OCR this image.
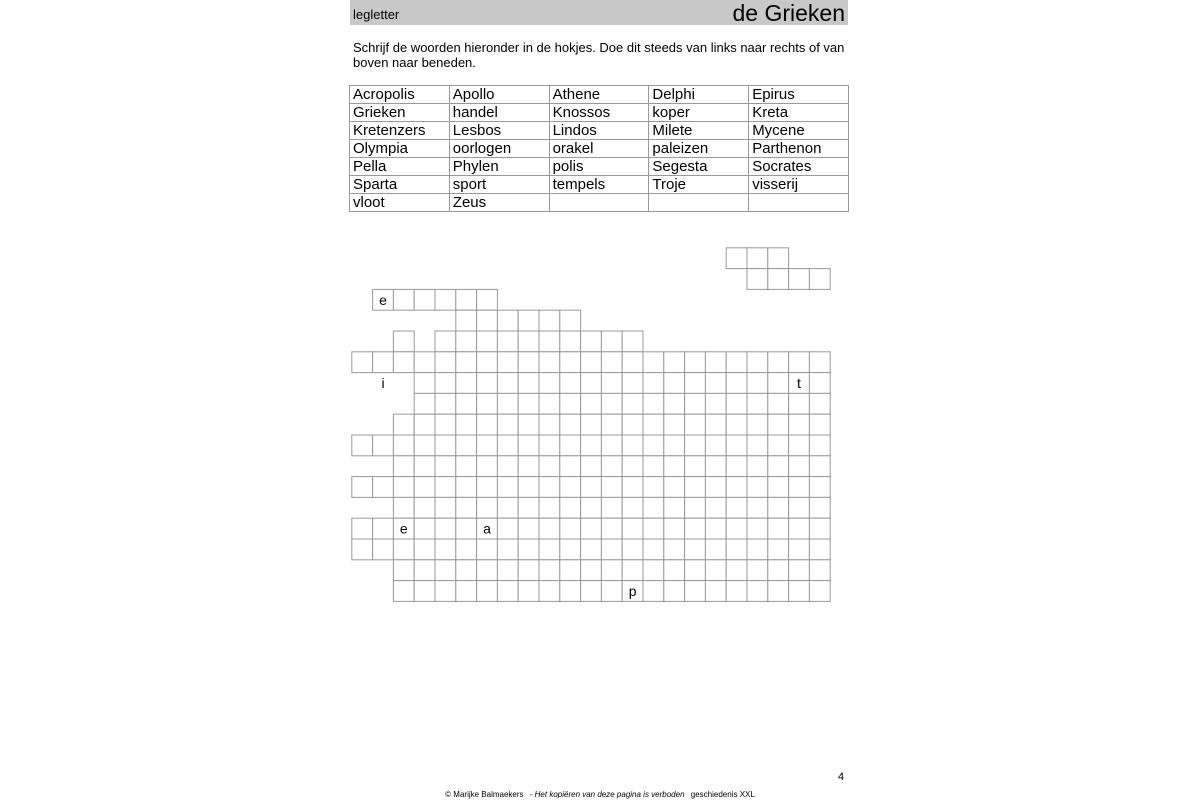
legletter	de Grieken
Schrijf de woorden hieronder in de hokjes. Doe dit steeds van links naar rechts of van boven naar beneden.
Acropolis	Apollo	Athene	Delphi	Epirus
Grieken	handel	Knossos	koper	Kreta
Kretenzers	Lesbos	Lindos	Milete	Mycene
Olympia	oorlogen	orakel	paleizen	Parthenon
Pella	Phylen	polis	Segesta	Socrates
Sparta	sport	tempels	Troje	visserij
vloot	Zeus			
e
i	t
e	a
p
4
© Marijke Balmaekers - Het kopiëren van deze pagina is verboden geschiedenis XXL
